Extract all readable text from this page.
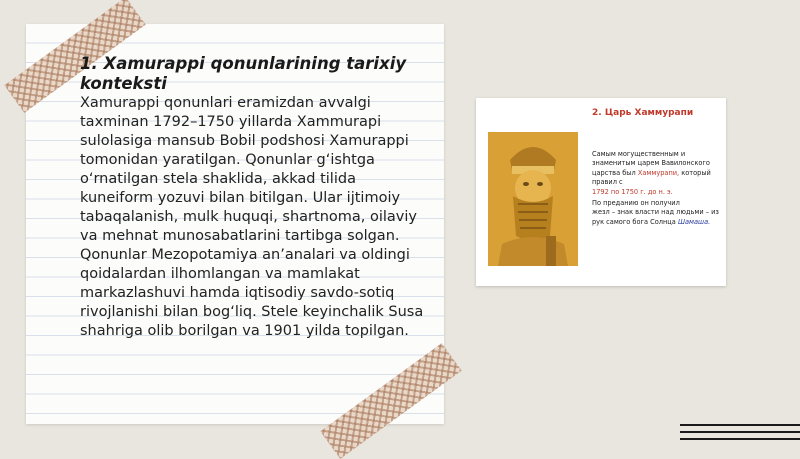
1. Xamurappi qonunlarining tarixiy konteksti

Xamurappi qonunlari eramizdan avvalgi taxminan 1792–1750 yillarda Xammurapi sulolasiga mansub Bobil podshosi Xamurappi tomonidan yaratilgan. Qonunlar g‘ishtga o‘rnatilgan stela shaklida, akkad tilida kuneiform yozuvi bilan bitilgan. Ular ijtimoiy tabaqalanish, mulk huquqi, shartnoma, oilaviy va mehnat munosabatlarini tartibga solgan. Qonunlar Mezopotamiya an’analari va oldingi qoidalardan ilhomlangan va mamlakat markazlashuvi hamda iqtisodiy savdo-sotiq rivojlanishi bilan bog‘liq. Stele keyinchalik Susa shahriga olib borilgan va 1901 yilda topilgan.

2. Царь Хаммурапи

Самым могущественным и знаменитым царем Вавилонского царства был Хаммурапи, который правил с

1792 по 1750 г. до н. э.

По преданию он получил

жезл – знак власти над людьми – из рук самого бога Солнца Шамаша.
